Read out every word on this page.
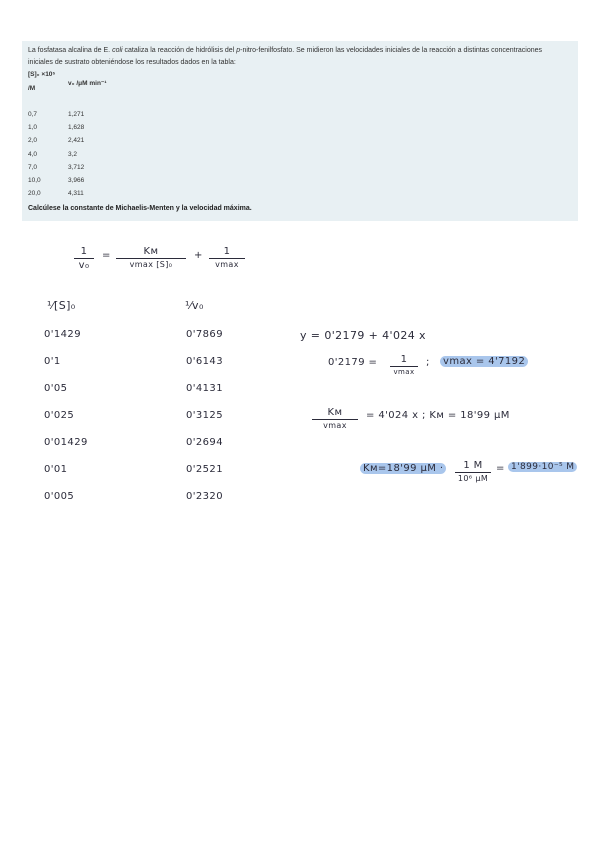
La fosfatasa alcalina de E. coli cataliza la reacción de hidrólisis del p-nitro-fenilfosfato. Se midieron las velocidades iniciales de la reacción a distintas concentraciones iniciales de sustrato obteniéndose los resultados dados en la tabla:

[S]₀ ×10⁵
/M
v₀ /μM min⁻¹
0,7	1,271
1,0	1,628
2,0	2,421
4,0	3,2
7,0	3,712
10,0	3,966
20,0	4,311
Calcúlese la constante de Michaelis-Menten y la velocidad máxima.
1
v₀
=	Kм
vmax [S]₀
+	1
vmax
¹⁄[S]₀	¹⁄v₀
0'1429	0'7869
0'1	0'6143
0'05	0'4131
0'025	0'3125
0'01429	0'2694
0'01	0'2521
0'005	0'2320
y = 0'2179 + 4'024 x
0'2179 =	1
vmax
;	vmax = 4'7192
Kм
vmax
= 4'024 x ; Kм = 18'99 μM
Kм=18'99 μM ·	1 M
10⁶ μM
= 1'899·10⁻⁵ M
